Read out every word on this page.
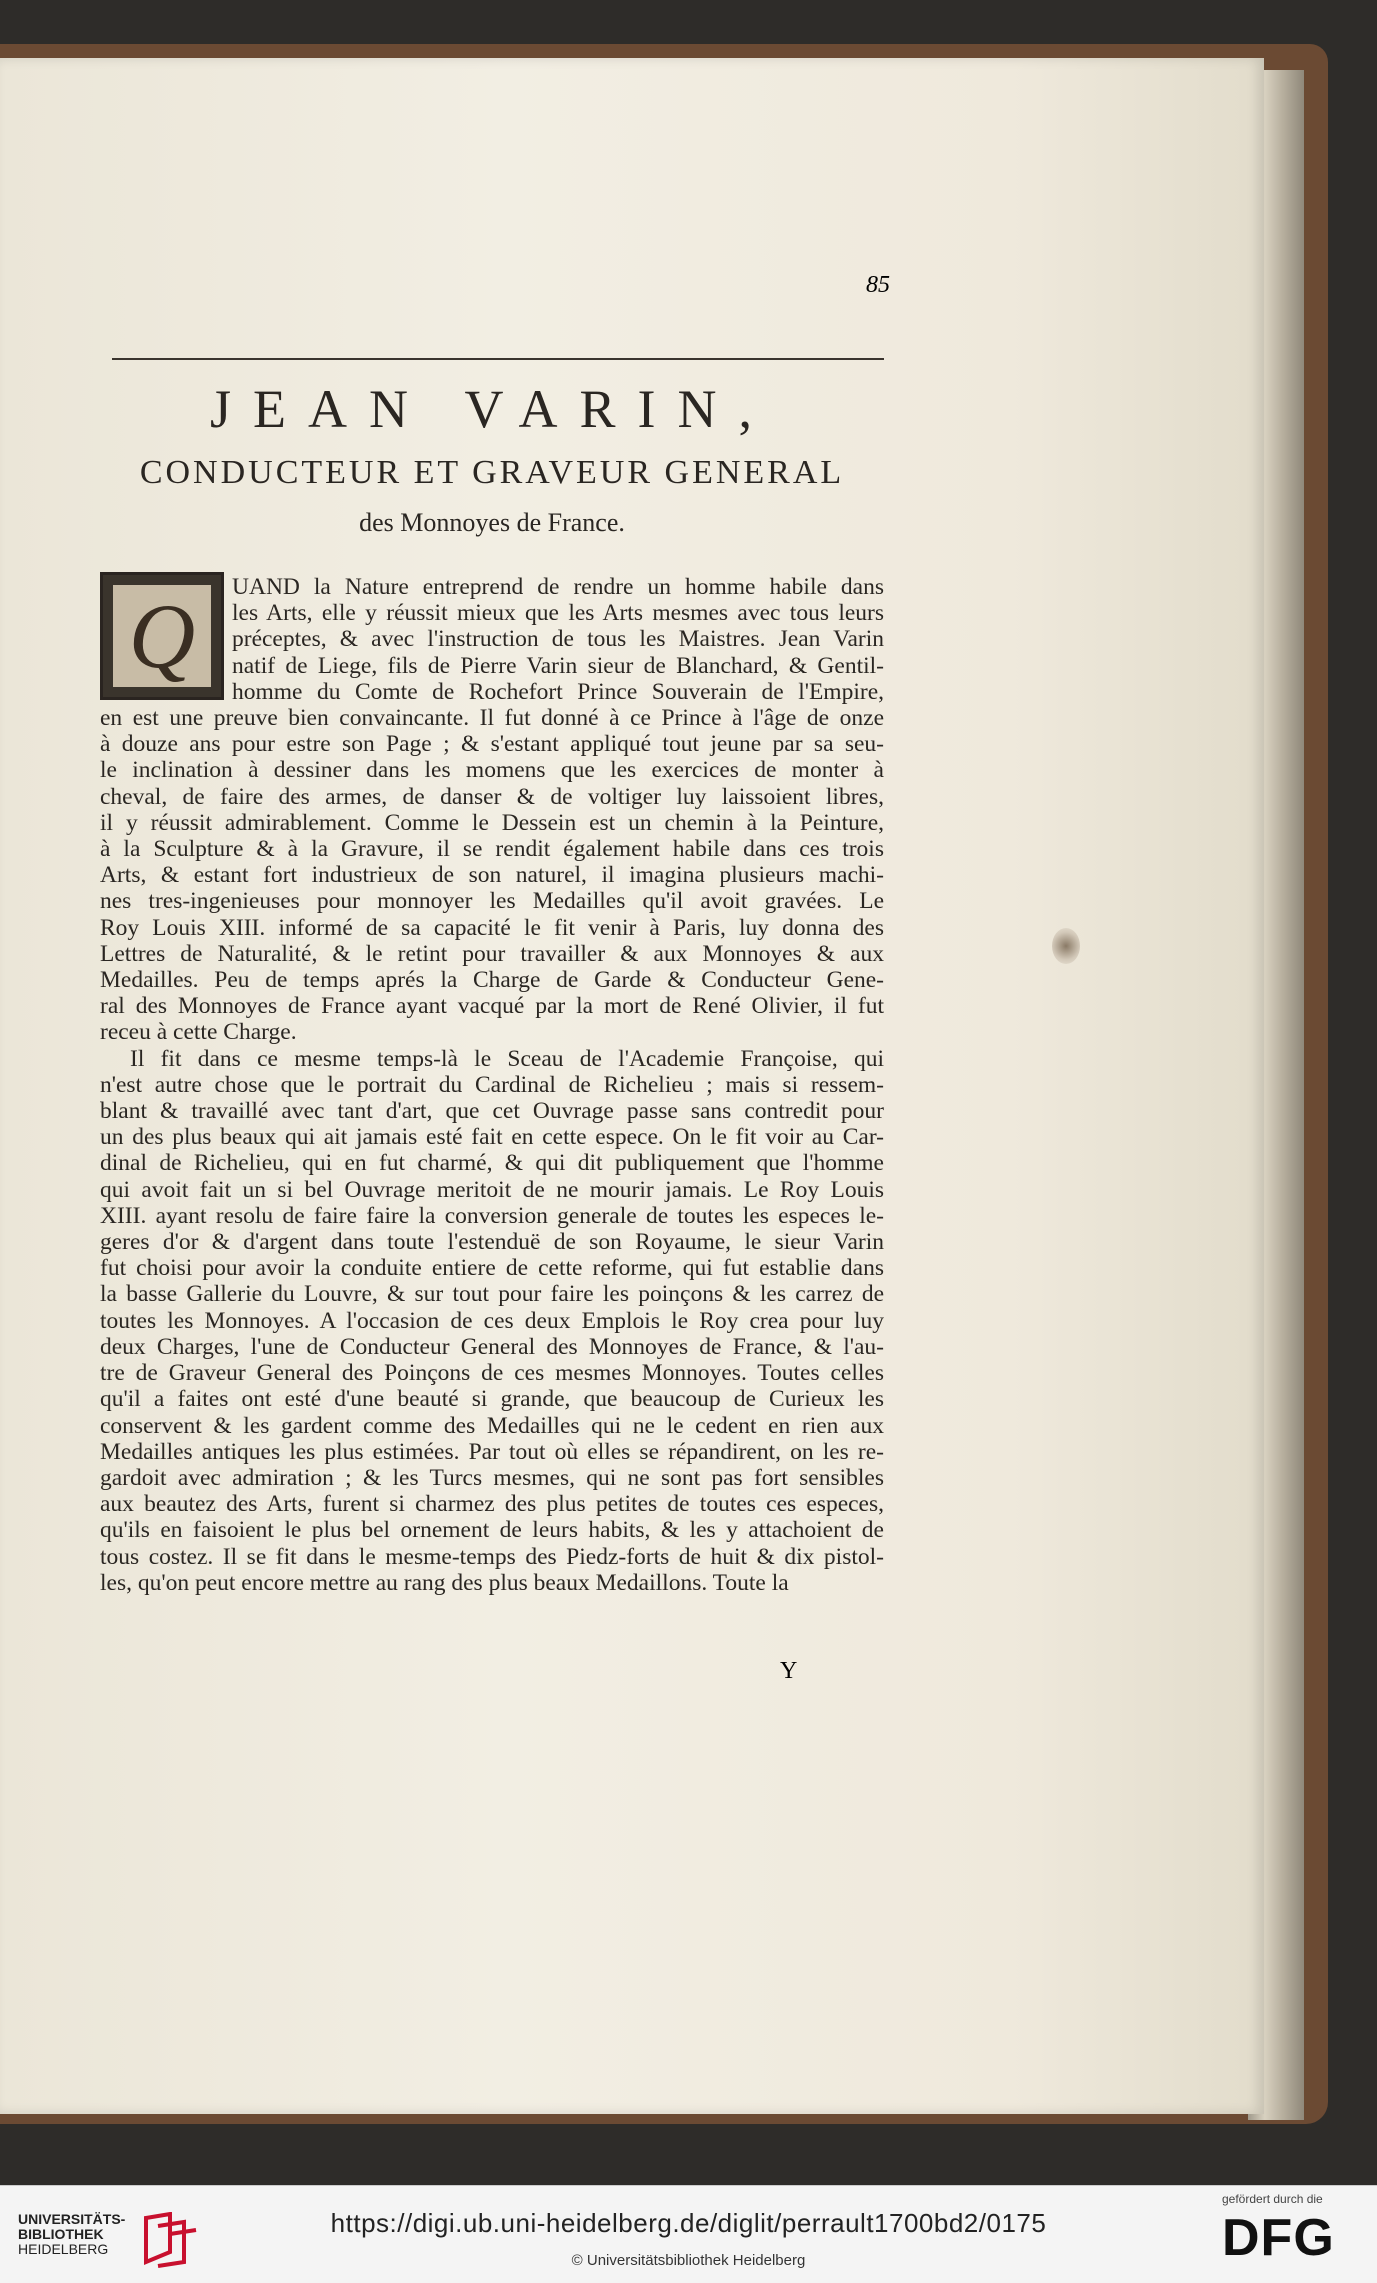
85
JEAN VARIN,
CONDUCTEUR ET GRAVEUR GENERAL
des Monnoyes de France.
Q	UAND la Nature entreprend de rendre un homme habile dans
les Arts, elle y réussit mieux que les Arts mesmes avec tous leurs
préceptes, & avec l'instruction de tous les Maistres. Jean Varin
natif de Liege, fils de Pierre Varin sieur de Blanchard, & Gentil-
homme du Comte de Rochefort Prince Souverain de l'Empire,
en est une preuve bien convaincante. Il fut donné à ce Prince à l'âge de onze
à douze ans pour estre son Page ; & s'estant appliqué tout jeune par sa seu-
le inclination à dessiner dans les momens que les exercices de monter à
cheval, de faire des armes, de danser & de voltiger luy laissoient libres,
il y réussit admirablement. Comme le Dessein est un chemin à la Peinture,
à la Sculpture & à la Gravure, il se rendit également habile dans ces trois
Arts, & estant fort industrieux de son naturel, il imagina plusieurs machi-
nes tres-ingenieuses pour monnoyer les Medailles qu'il avoit gravées. Le
Roy Louis XIII. informé de sa capacité le fit venir à Paris, luy donna des
Lettres de Naturalité, & le retint pour travailler & aux Monnoyes & aux
Medailles. Peu de temps aprés la Charge de Garde & Conducteur Gene-
ral des Monnoyes de France ayant vacqué par la mort de René Olivier, il fut
receu à cette Charge.
Il fit dans ce mesme temps-là le Sceau de l'Academie Françoise, qui
n'est autre chose que le portrait du Cardinal de Richelieu ; mais si ressem-
blant & travaillé avec tant d'art, que cet Ouvrage passe sans contredit pour
un des plus beaux qui ait jamais esté fait en cette espece. On le fit voir au Car-
dinal de Richelieu, qui en fut charmé, & qui dit publiquement que l'homme
qui avoit fait un si bel Ouvrage meritoit de ne mourir jamais. Le Roy Louis
XIII. ayant resolu de faire faire la conversion generale de toutes les especes le-
geres d'or & d'argent dans toute l'estenduë de son Royaume, le sieur Varin
fut choisi pour avoir la conduite entiere de cette reforme, qui fut establie dans
la basse Gallerie du Louvre, & sur tout pour faire les poinçons & les carrez de
toutes les Monnoyes. A l'occasion de ces deux Emplois le Roy crea pour luy
deux Charges, l'une de Conducteur General des Monnoyes de France, & l'au-
tre de Graveur General des Poinçons de ces mesmes Monnoyes. Toutes celles
qu'il a faites ont esté d'une beauté si grande, que beaucoup de Curieux les
conservent & les gardent comme des Medailles qui ne le cedent en rien aux
Medailles antiques les plus estimées. Par tout où elles se répandirent, on les re-
gardoit avec admiration ; & les Turcs mesmes, qui ne sont pas fort sensibles
aux beautez des Arts, furent si charmez des plus petites de toutes ces especes,
qu'ils en faisoient le plus bel ornement de leurs habits, & les y attachoient de
tous costez. Il se fit dans le mesme-temps des Piedz-forts de huit & dix pistol-
les, qu'on peut encore mettre au rang des plus beaux Medaillons. Toute la
Y
UNIVERSITÄTS-
BIBLIOTHEK
HEIDELBERG
https://digi.ub.uni-heidelberg.de/diglit/perrault1700bd2/0175
© Universitätsbibliothek Heidelberg
gefördert durch die
DFG
